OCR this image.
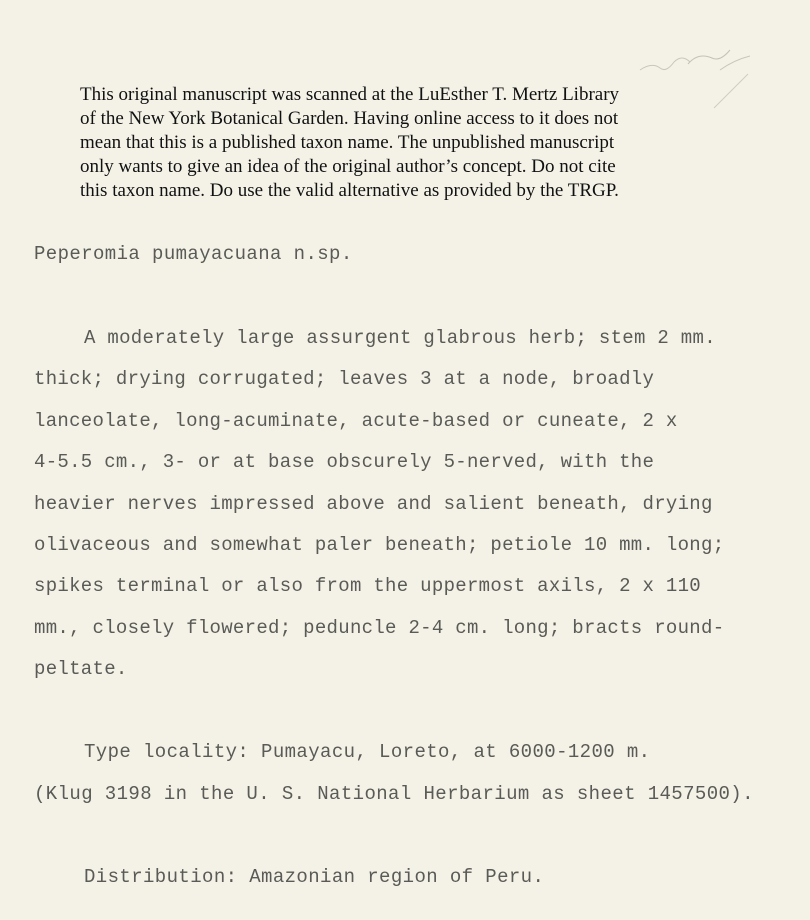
This original manuscript was scanned at the LuEsther T. Mertz Library
of the New York Botanical Garden. Having online access to it does not
mean that this is a published taxon name. The unpublished manuscript
only wants to give an idea of the original author’s concept. Do not cite
this taxon name. Do use the valid alternative as provided by the TRGP.
Peperomia pumayacuana n.sp.
A moderately large assurgent glabrous herb; stem 2 mm.
thick; drying corrugated; leaves 3 at a node, broadly
lanceolate, long-acuminate, acute-based or cuneate, 2 x
4-5.5 cm., 3- or at base obscurely 5-nerved, with the
heavier nerves impressed above and salient beneath, drying
olivaceous and somewhat paler beneath; petiole 10 mm. long;
spikes terminal or also from the uppermost axils, 2 x 110
mm., closely flowered; peduncle 2-4 cm. long; bracts round-
peltate.
Type locality: Pumayacu, Loreto, at 6000-1200 m.
(Klug 3198 in the U. S. National Herbarium as sheet 1457500).
Distribution: Amazonian region of Peru.
